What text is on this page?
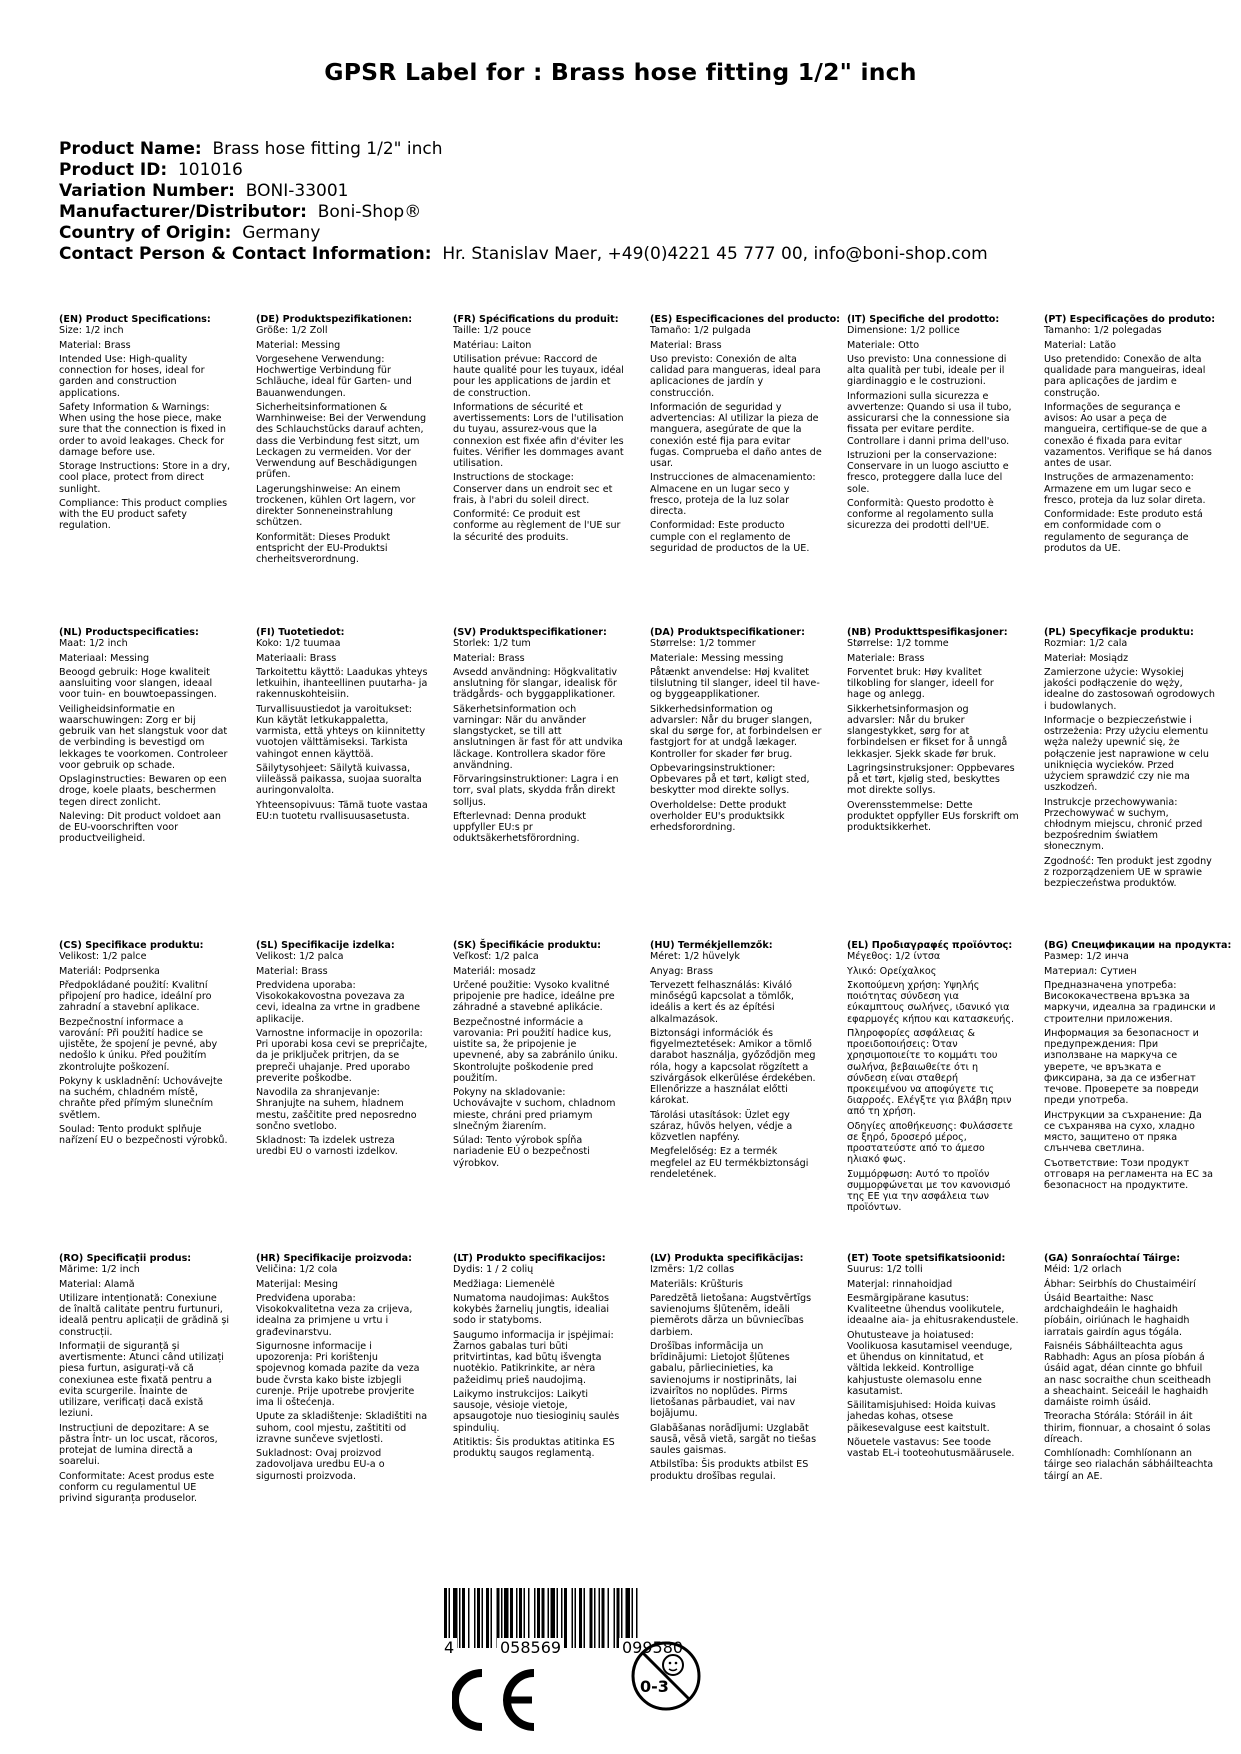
GPSR Label for : Brass hose fitting 1/2" inch
Product Name: Brass hose fitting 1/2" inch
Product ID: 101016
Variation Number: BONI-33001
Manufacturer/Distributor: Boni-Shop®
Country of Origin: Germany
Contact Person & Contact Information: Hr. Stanislav Maer, +49(0)4221 45 777 00, info@boni-shop.com
(EN) Product Specifications:

Size: 1/2 inch

Material: Brass

Intended Use: High-quality connection for hoses, ideal for garden and construction applications.

Safety Information & Warnings: When using the hose piece, make sure that the connection is fixed in order to avoid leakages. Check for damage before use.

Storage Instructions: Store in a dry, cool place, protect from direct sunlight.

Compliance: This product complies with the EU product safety regulation.

(DE) Produktspezifikationen:

Größe: 1/2 Zoll

Material: Messing

Vorgesehene Verwendung: Hochwertige Verbindung für Schläuche, ideal für Garten- und Bauanwendungen.

Sicherheitsinformationen & Warnhinweise: Bei der Verwendung des Schlauchstücks darauf achten, dass die Verbindung fest sitzt, um Leckagen zu vermeiden. Vor der Verwendung auf Beschädigungen prüfen.

Lagerungshinweise: An einem trockenen, kühlen Ort lagern, vor direkter Sonneneinstrahlung schützen.

Konformität: Dieses Produkt entspricht der EU-Produktsi cherheitsverordnung.

(FR) Spécifications du produit:

Taille: 1/2 pouce

Matériau: Laiton

Utilisation prévue: Raccord de haute qualité pour les tuyaux, idéal pour les applications de jardin et de construction.

Informations de sécurité et avertissements: Lors de l'utilisation du tuyau, assurez-vous que la connexion est fixée afin d'éviter les fuites. Vérifier les dommages avant utilisation.

Instructions de stockage: Conserver dans un endroit sec et frais, à l'abri du soleil direct.

Conformité: Ce produit est conforme au règlement de l'UE sur la sécurité des produits.

(ES) Especificaciones del producto:

Tamaño: 1/2 pulgada

Material: Brass

Uso previsto: Conexión de alta calidad para mangueras, ideal para aplicaciones de jardín y construcción.

Información de seguridad y advertencias: Al utilizar la pieza de manguera, asegúrate de que la conexión esté fija para evitar fugas. Comprueba el daño antes de usar.

Instrucciones de almacenamiento: Almacene en un lugar seco y fresco, proteja de la luz solar directa.

Conformidad: Este producto cumple con el reglamento de seguridad de productos de la UE.

(IT) Specifiche del prodotto:

Dimensione: 1/2 pollice

Materiale: Otto

Uso previsto: Una connessione di alta qualità per tubi, ideale per il giardinaggio e le costruzioni.

Informazioni sulla sicurezza e avvertenze: Quando si usa il tubo, assicurarsi che la connessione sia fissata per evitare perdite. Controllare i danni prima dell'uso.

Istruzioni per la conservazione: Conservare in un luogo asciutto e fresco, proteggere dalla luce del sole.

Conformità: Questo prodotto è conforme al regolamento sulla sicurezza dei prodotti dell'UE.

(PT) Especificações do produto:

Tamanho: 1/2 polegadas

Material: Latão

Uso pretendido: Conexão de alta qualidade para mangueiras, ideal para aplicações de jardim e construção.

Informações de segurança e avisos: Ao usar a peça de mangueira, certifique-se de que a conexão é fixada para evitar vazamentos. Verifique se há danos antes de usar.

Instruções de armazenamento: Armazene em um lugar seco e fresco, proteja da luz solar direta.

Conformidade: Este produto está em conformidade com o regulamento de segurança de produtos da UE.

(NL) Productspecificaties:

Maat: 1/2 inch

Materiaal: Messing

Beoogd gebruik: Hoge kwaliteit aansluiting voor slangen, ideaal voor tuin- en bouwtoepassingen.

Veiligheidsinformatie en waarschuwingen: Zorg er bij gebruik van het slangstuk voor dat de verbinding is bevestigd om lekkages te voorkomen. Controleer voor gebruik op schade.

Opslaginstructies: Bewaren op een droge, koele plaats, beschermen tegen direct zonlicht.

Naleving: Dit product voldoet aan de EU-voorschriften voor productveiligheid.

(FI) Tuotetiedot:

Koko: 1/2 tuumaa

Materiaali: Brass

Tarkoitettu käyttö: Laadukas yhteys letkuihin, ihanteellinen puutarha- ja rakennuskohteisiin.

Turvallisuustiedot ja varoitukset: Kun käytät letkukappaletta, varmista, että yhteys on kiinnitetty vuotojen välttämiseksi. Tarkista vahingot ennen käyttöä.

Säilytysohjeet: Säilytä kuivassa, viileässä paikassa, suojaa suoralta auringonvalolta.

Yhteensopivuus: Tämä tuote vastaa EU:n tuotetu rvallisuusasetusta.

(SV) Produktspecifikationer:

Storlek: 1/2 tum

Material: Brass

Avsedd användning: Högkvalitativ anslutning för slangar, idealisk för trädgårds- och byggapplikationer.

Säkerhetsinformation och varningar: När du använder slangstycket, se till att anslutningen är fast för att undvika läckage. Kontrollera skador före användning.

Förvaringsinstruktioner: Lagra i en torr, sval plats, skydda från direkt solljus.

Efterlevnad: Denna produkt uppfyller EU:s pr oduktsäkerhetsförordning.

(DA) Produktspecifikationer:

Størrelse: 1/2 tommer

Materiale: Messing messing

Påtænkt anvendelse: Høj kvalitet tilslutning til slanger, ideel til have- og byggeapplikationer.

Sikkerhedsinformation og advarsler: Når du bruger slangen, skal du sørge for, at forbindelsen er fastgjort for at undgå lækager. Kontroller for skader før brug.

Opbevaringsinstruktioner: Opbevares på et tørt, køligt sted, beskytter mod direkte sollys.

Overholdelse: Dette produkt overholder EU's produktsikk erhedsforordning.

(NB) Produkttspesifikasjoner:

Størrelse: 1/2 tomme

Materiale: Brass

Forventet bruk: Høy kvalitet tilkobling for slanger, ideell for hage og anlegg.

Sikkerhetsinformasjon og advarsler: Når du bruker slangestykket, sørg for at forbindelsen er fikset for å unngå lekkasjer. Sjekk skade før bruk.

Lagringsinstruksjoner: Oppbevares på et tørt, kjølig sted, beskyttes mot direkte sollys.

Overensstemmelse: Dette produktet oppfyller EUs forskrift om produktsikkerhet.

(PL) Specyfikacje produktu:

Rozmiar: 1/2 cala

Materiał: Mosiądz

Zamierzone użycie: Wysokiej jakości podłączenie do węży, idealne do zastosowań ogrodowych i budowlanych.

Informacje o bezpieczeństwie i ostrzeżenia: Przy użyciu elementu węża należy upewnić się, że połączenie jest naprawione w celu uniknięcia wycieków. Przed użyciem sprawdzić czy nie ma uszkodzeń.

Instrukcje przechowywania: Przechowywać w suchym, chłodnym miejscu, chronić przed bezpośrednim światłem słonecznym.

Zgodność: Ten produkt jest zgodny z rozporządzeniem UE w sprawie bezpieczeństwa produktów.

(CS) Specifikace produktu:

Velikost: 1/2 palce

Materiál: Podprsenka

Předpokládané použití: Kvalitní připojení pro hadice, ideální pro zahradní a stavební aplikace.

Bezpečnostní informace a varování: Při použití hadice se ujistěte, že spojení je pevné, aby nedošlo k úniku. Před použitím zkontrolujte poškození.

Pokyny k uskladnění: Uchovávejte na suchém, chladném místě, chraňte před přímým slunečním světlem.

Soulad: Tento produkt splňuje nařízení EU o bezpečnosti výrobků.

(SL) Specifikacije izdelka:

Velikost: 1/2 palca

Material: Brass

Predvidena uporaba: Visokokakovostna povezava za cevi, idealna za vrtne in gradbene aplikacije.

Varnostne informacije in opozorila: Pri uporabi kosa cevi se prepričajte, da je priključek pritrjen, da se prepreči uhajanje. Pred uporabo preverite poškodbe.

Navodila za shranjevanje: Shranjujte na suhem, hladnem mestu, zaščitite pred neposredno sončno svetlobo.

Skladnost: Ta izdelek ustreza uredbi EU o varnosti izdelkov.

(SK) Špecifikácie produktu:

Veľkosť: 1/2 palca

Materiál: mosadz

Určené použitie: Vysoko kvalitné pripojenie pre hadice, ideálne pre záhradné a stavebné aplikácie.

Bezpečnostné informácie a varovania: Pri použití hadice kus, uistite sa, že pripojenie je upevnené, aby sa zabránilo úniku. Skontrolujte poškodenie pred použitím.

Pokyny na skladovanie: Uchovávajte v suchom, chladnom mieste, chráni pred priamym slnečným žiarením.

Súlad: Tento výrobok spĺňa nariadenie EÚ o bezpečnosti výrobkov.

(HU) Termékjellemzők:

Méret: 1/2 hüvelyk

Anyag: Brass

Tervezett felhasználás: Kiváló minőségű kapcsolat a tömlők, ideális a kert és az építési alkalmazások.

Biztonsági információk és figyelmeztetések: Amikor a tömlő darabot használja, győződjön meg róla, hogy a kapcsolat rögzített a szivárgások elkerülése érdekében. Ellenőrizze a használat előtti károkat.

Tárolási utasítások: Üzlet egy száraz, hűvös helyen, védje a közvetlen napfény.

Megfelelőség: Ez a termék megfelel az EU termékbiztonsági rendeletének.

(EL) Προδιαγραφές προϊόντος:

Μέγεθος: 1/2 ίντσα

Υλικό: Ορείχαλκος

Σκοπούμενη χρήση: Υψηλής ποιότητας σύνδεση για εύκαμπτους σωλήνες, ιδανικό για εφαρμογές κήπου και κατασκευής.

Πληροφορίες ασφάλειας & προειδοποιήσεις: Όταν χρησιμοποιείτε το κομμάτι του σωλήνα, βεβαιωθείτε ότι η σύνδεση είναι σταθερή προκειμένου να αποφύγετε τις διαρροές. Ελέγξτε για βλάβη πριν από τη χρήση.

Οδηγίες αποθήκευσης: Φυλάσσετε σε ξηρό, δροσερό μέρος, προστατεύστε από το άμεσο ηλιακό φως.

Συμμόρφωση: Αυτό το προϊόν συμμορφώνεται με τον κανονισμό της ΕΕ για την ασφάλεια των προϊόντων.

(BG) Спецификации на продукта:

Размер: 1/2 инча

Материал: Сутиен

Предназначена употреба: Висококачествена връзка за маркучи, идеална за градински и строителни приложения.

Информация за безопасност и предупреждения: При използване на маркуча се уверете, че връзката е фиксирана, за да се избегнат течове. Проверете за повреди преди употреба.

Инструкции за съхранение: Да се съхранява на сухо, хладно място, защитено от пряка слънчева светлина.

Съответствие: Този продукт отговаря на регламента на ЕС за безопасност на продуктите.

(RO) Specificații produs:

Mărime: 1/2 inch

Material: Alamă

Utilizare intenționată: Conexiune de înaltă calitate pentru furtunuri, ideală pentru aplicații de grădină și construcții.

Informații de siguranță și avertismente: Atunci când utilizați piesa furtun, asigurați-vă că conexiunea este fixată pentru a evita scurgerile. Înainte de utilizare, verificați dacă există leziuni.

Instrucțiuni de depozitare: A se păstra într- un loc uscat, răcoros, protejat de lumina directă a soarelui.

Conformitate: Acest produs este conform cu regulamentul UE privind siguranța produselor.

(HR) Specifikacije proizvoda:

Veličina: 1/2 cola

Materijal: Mesing

Predviđena uporaba: Visokokvalitetna veza za crijeva, idealna za primjene u vrtu i građevinarstvu.

Sigurnosne informacije i upozorenja: Pri korištenju spojevnog komada pazite da veza bude čvrsta kako biste izbjegli curenje. Prije upotrebe provjerite ima li oštećenja.

Upute za skladištenje: Skladištiti na suhom, cool mjestu, zaštititi od izravne sunčeve svjetlosti.

Sukladnost: Ovaj proizvod zadovoljava uredbu EU-a o sigurnosti proizvoda.

(LT) Produkto specifikacijos:

Dydis: 1 / 2 colių

Medžiaga: Liemenėlė

Numatoma naudojimas: Aukštos kokybės žarnelių jungtis, idealiai sodo ir statyboms.

Saugumo informacija ir įspėjimai: Žarnos gabalas turi būti pritvirtintas, kad būtų išvengta nuotėkio. Patikrinkite, ar nėra pažeidimų prieš naudojimą.

Laikymo instrukcijos: Laikyti sausoje, vėsioje vietoje, apsaugotoje nuo tiesioginių saulės spindulių.

Atitiktis: Šis produktas atitinka ES produktų saugos reglamentą.

(LV) Produkta specifikācijas:

Izmērs: 1/2 collas

Materiāls: Krūšturis

Paredzētā lietošana: Augstvērtīgs savienojums šļūtenēm, ideāli piemērots dārza un būvniecības darbiem.

Drošības informācija un brīdinājumi: Lietojot šļūtenes gabalu, pārliecinieties, ka savienojums ir nostiprināts, lai izvairītos no noplūdes. Pirms lietošanas pārbaudiet, vai nav bojājumu.

Glabāšanas norādījumi: Uzglabāt sausā, vēsā vietā, sargāt no tiešas saules gaismas.

Atbilstība: Šis produkts atbilst ES produktu drošības regulai.

(ET) Toote spetsifikatsioonid:

Suurus: 1/2 tolli

Materjal: rinnahoidjad

Eesmärgipärane kasutus: Kvaliteetne ühendus voolikutele, ideaalne aia- ja ehitusrakendustele.

Ohutusteave ja hoiatused: Voolikuosa kasutamisel veenduge, et ühendus on kinnitatud, et vältida lekkeid. Kontrollige kahjustuste olemasolu enne kasutamist.

Säilitamisjuhised: Hoida kuivas jahedas kohas, otsese päikesevalguse eest kaitstult.

Nõuetele vastavus: See toode vastab EL-i tooteohutusmäärusele.

(GA) Sonraíochtaí Táirge:

Méid: 1/2 orlach

Ábhar: Seirbhís do Chustaiméirí

Úsáid Beartaithe: Nasc ardchaighdeáin le haghaidh píobáin, oiriúnach le haghaidh iarratais gairdín agus tógála.

Faisnéis Sábháilteachta agus Rabhadh: Agus an píosa píobán á úsáid agat, déan cinnte go bhfuil an nasc socraithe chun sceitheadh a sheachaint. Seiceáil le haghaidh damáiste roimh úsáid.

Treoracha Stórála: Stóráil in áit thirim, fionnuar, a chosaint ó solas díreach.

Comhlíonadh: Comhlíonann an táirge seo rialachán sábháilteachta táirgí an AE.

4	058569	099580
0-3
